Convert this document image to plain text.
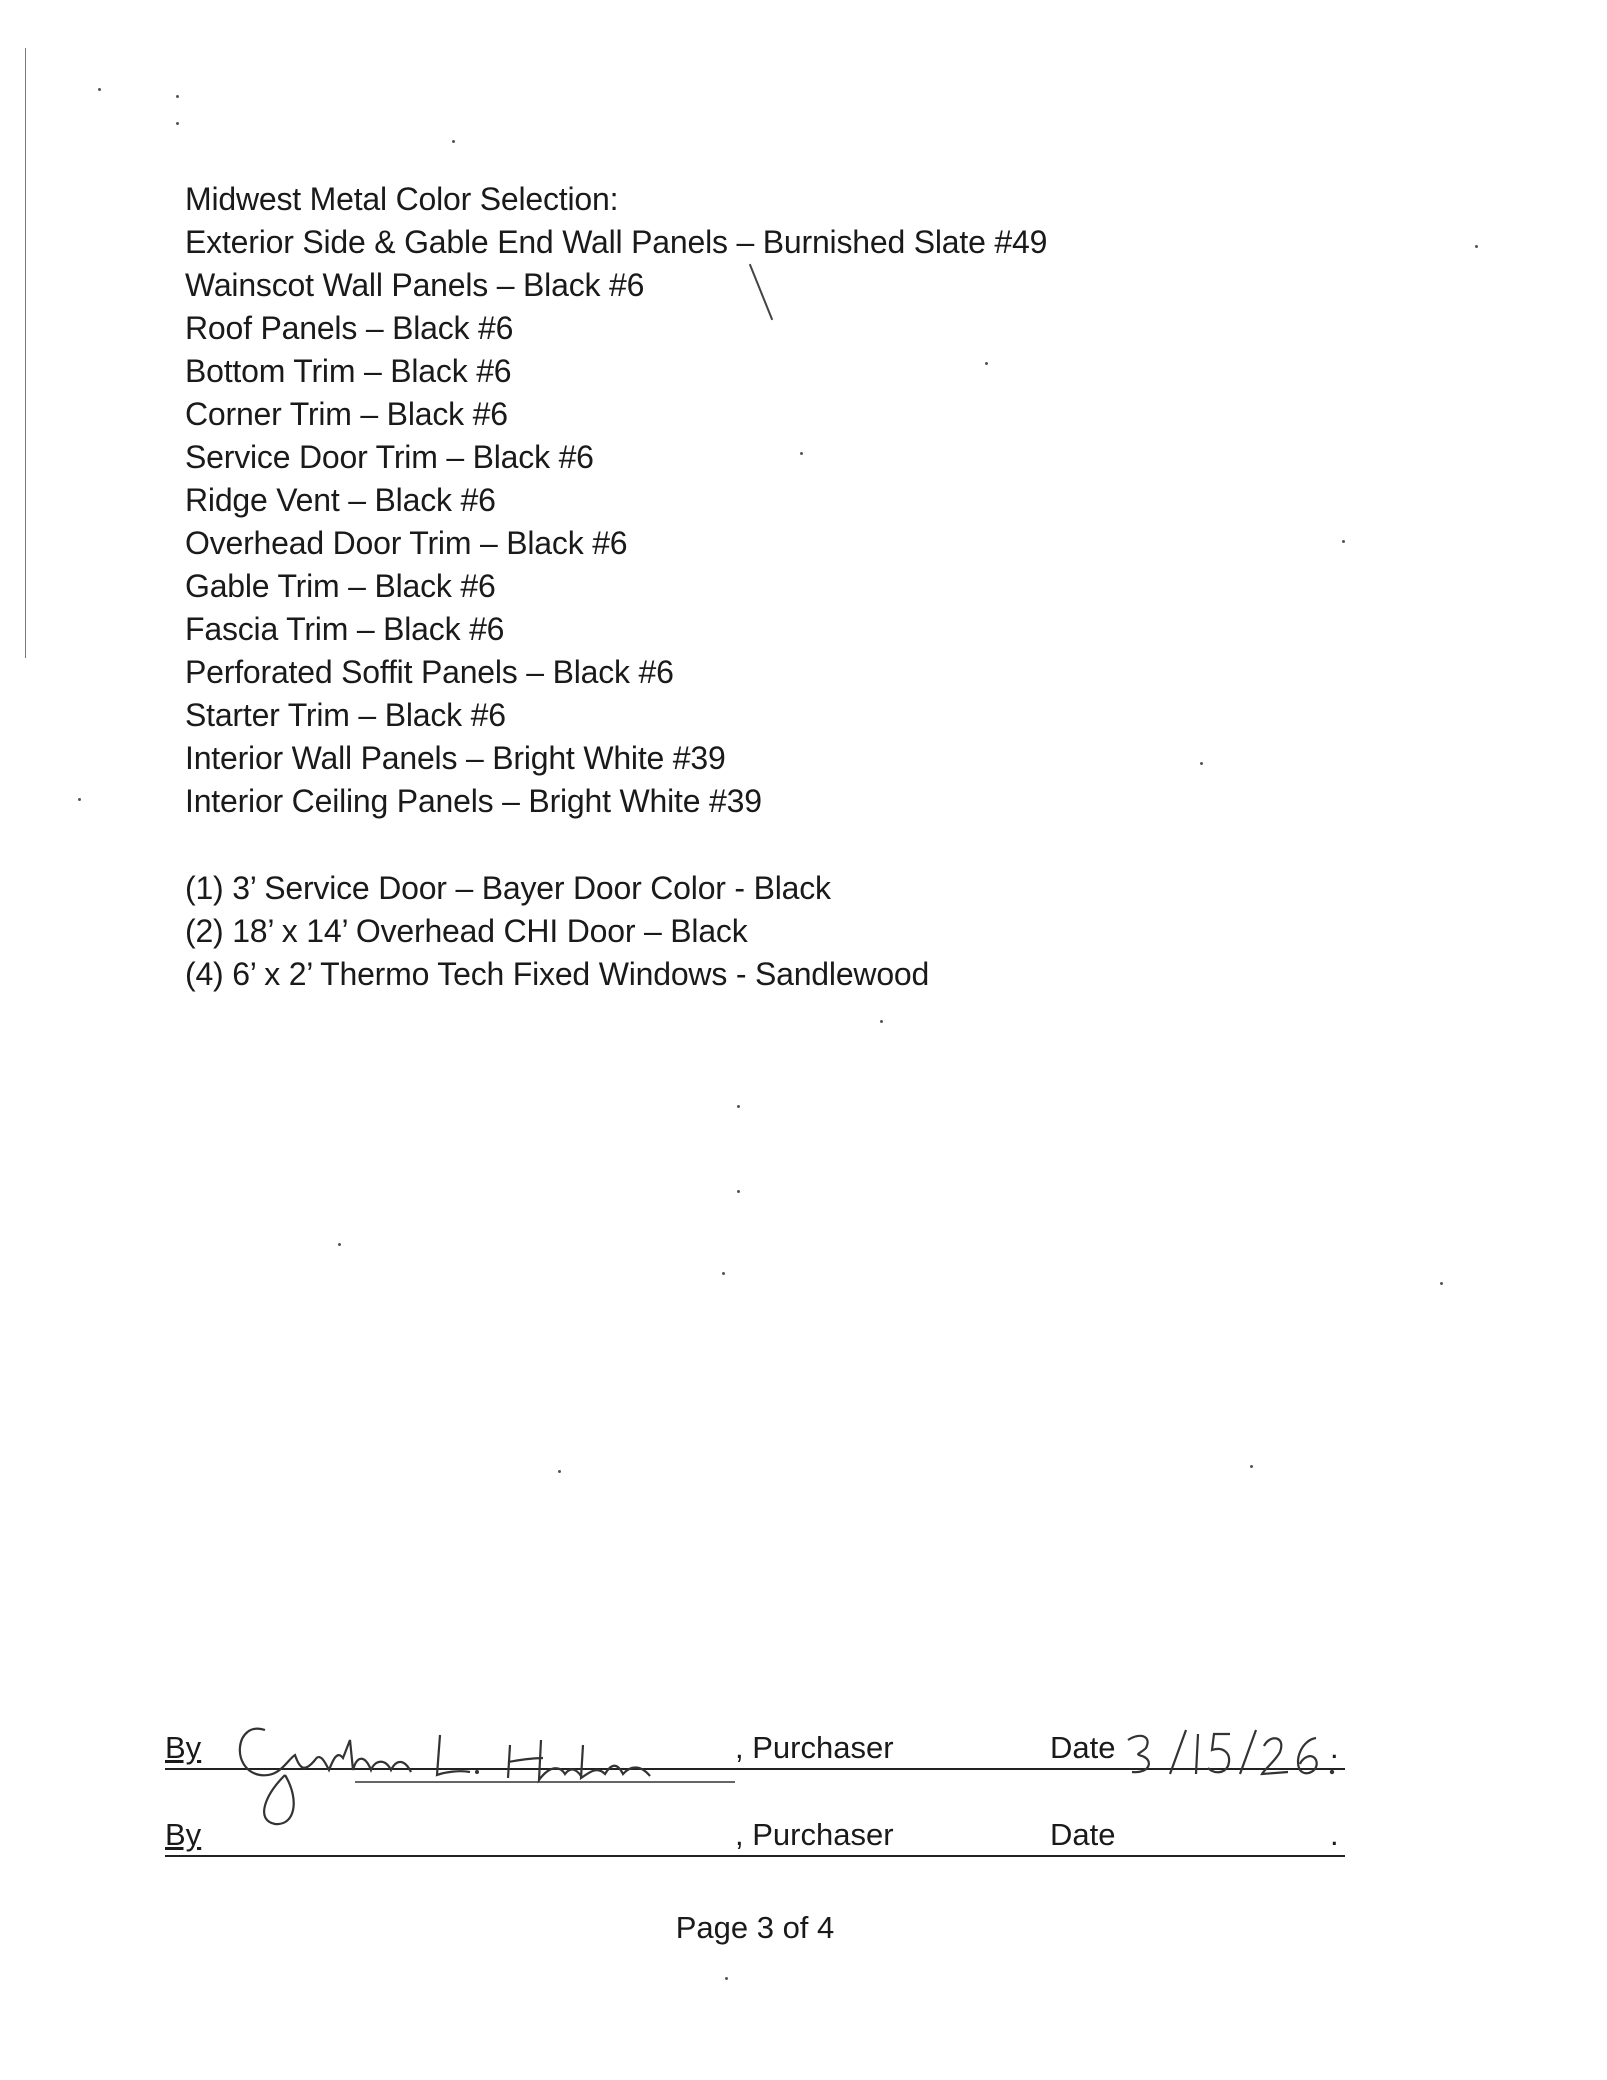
Midwest Metal Color Selection:
Exterior Side & Gable End Wall Panels – Burnished Slate #49
Wainscot Wall Panels – Black #6
Roof Panels – Black #6
Bottom Trim – Black #6
Corner Trim – Black #6
Service Door Trim – Black #6
Ridge Vent – Black #6
Overhead Door Trim – Black #6
Gable Trim – Black #6
Fascia Trim – Black #6
Perforated Soffit Panels – Black #6
Starter Trim – Black #6
Interior Wall Panels – Bright White #39
Interior Ceiling Panels – Bright White #39
(1) 3’ Service Door – Bayer Door Color - Black
(2) 18’ x 14’ Overhead CHI Door – Black
(4) 6’ x 2’ Thermo Tech Fixed Windows - Sandlewood
By	, Purchaser	Date	.
By	, Purchaser	Date	.
Page 3 of 4
